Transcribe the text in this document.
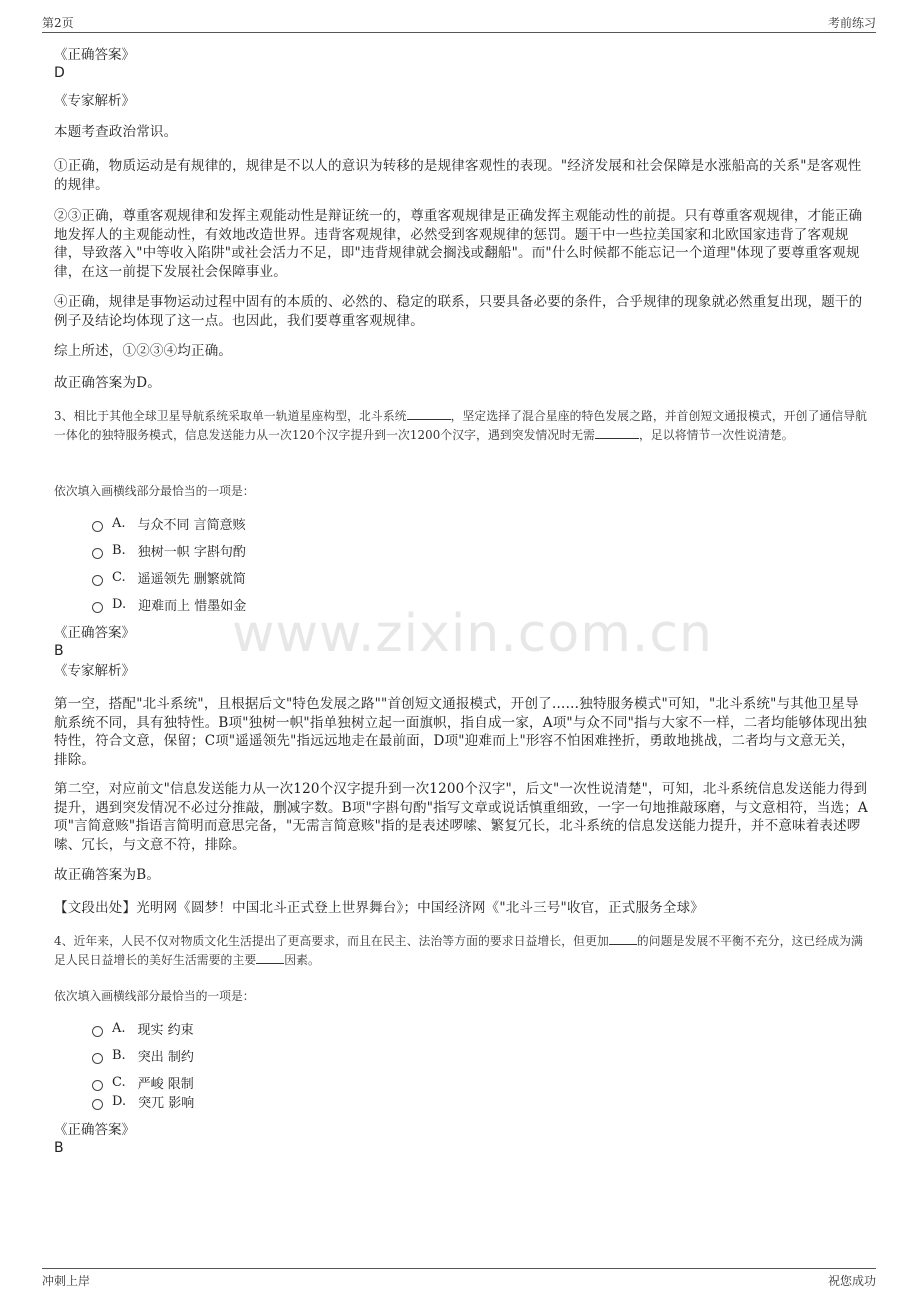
第2页	考前练习
《正确答案》
D
《专家解析》
本题考查政治常识。
①正确，物质运动是有规律的，规律是不以人的意识为转移的是规律客观性的表现。"经济发展和社会保障是水涨船高的关系"是客观性的规律。
②③正确，尊重客观规律和发挥主观能动性是辩证统一的，尊重客观规律是正确发挥主观能动性的前提。只有尊重客观规律，才能正确地发挥人的主观能动性，有效地改造世界。违背客观规律，必然受到客观规律的惩罚。题干中一些拉美国家和北欧国家违背了客观规律，导致落入"中等收入陷阱"或社会活力不足，即"违背规律就会搁浅或翻船"。而"什么时候都不能忘记一个道理"体现了要尊重客观规律，在这一前提下发展社会保障事业。
④正确，规律是事物运动过程中固有的本质的、必然的、稳定的联系，只要具备必要的条件，合乎规律的现象就必然重复出现，题干的例子及结论均体现了这一点。也因此，我们要尊重客观规律。
综上所述，①②③④均正确。
故正确答案为D。
3、相比于其他全球卫星导航系统采取单一轨道星座构型，北斗系统	，坚定选择了混合星座的特色发展之路，并首创短文通报模式，开创了通信导航一体化的独特服务模式，信息发送能力从一次120个汉字提升到一次1200个汉字，遇到突发情况时无需	，足以将情节一次性说清楚。
依次填入画横线部分最恰当的一项是：
A. 与众不同 言简意赅
B. 独树一帜 字斟句酌
C. 遥遥领先 删繁就简
D. 迎难而上 惜墨如金
《正确答案》
B
《专家解析》
第一空，搭配"北斗系统"，且根据后文"特色发展之路""首创短文通报模式，开创了……独特服务模式"可知，"北斗系统"与其他卫星导航系统不同，具有独特性。B项"独树一帜"指单独树立起一面旗帜，指自成一家，A项"与众不同"指与大家不一样，二者均能够体现出独特性，符合文意，保留；C项"遥遥领先"指远远地走在最前面，D项"迎难而上"形容不怕困难挫折，勇敢地挑战，二者均与文意无关，排除。
第二空，对应前文"信息发送能力从一次120个汉字提升到一次1200个汉字"，后文"一次性说清楚"，可知，北斗系统信息发送能力得到提升，遇到突发情况不必过分推敲，删减字数。B项"字斟句酌"指写文章或说话慎重细致，一字一句地推敲琢磨，与文意相符，当选；A项"言简意赅"指语言简明而意思完备，"无需言简意赅"指的是表述啰嗦、繁复冗长，北斗系统的信息发送能力提升，并不意味着表述啰嗦、冗长，与文意不符，排除。
故正确答案为B。
【文段出处】光明网《圆梦！中国北斗正式登上世界舞台》；中国经济网《"北斗三号"收官，正式服务全球》
4、近年来，人民不仅对物质文化生活提出了更高要求，而且在民主、法治等方面的要求日益增长，但更加 的问题是发展不平衡不充分，这已经成为满足人民日益增长的美好生活需要的主要 因素。
依次填入画横线部分最恰当的一项是：
A. 现实 约束
B. 突出 制约
C. 严峻 限制
D. 突兀 影响
《正确答案》
B
www.zixin.com.cn
冲刺上岸	祝您成功
